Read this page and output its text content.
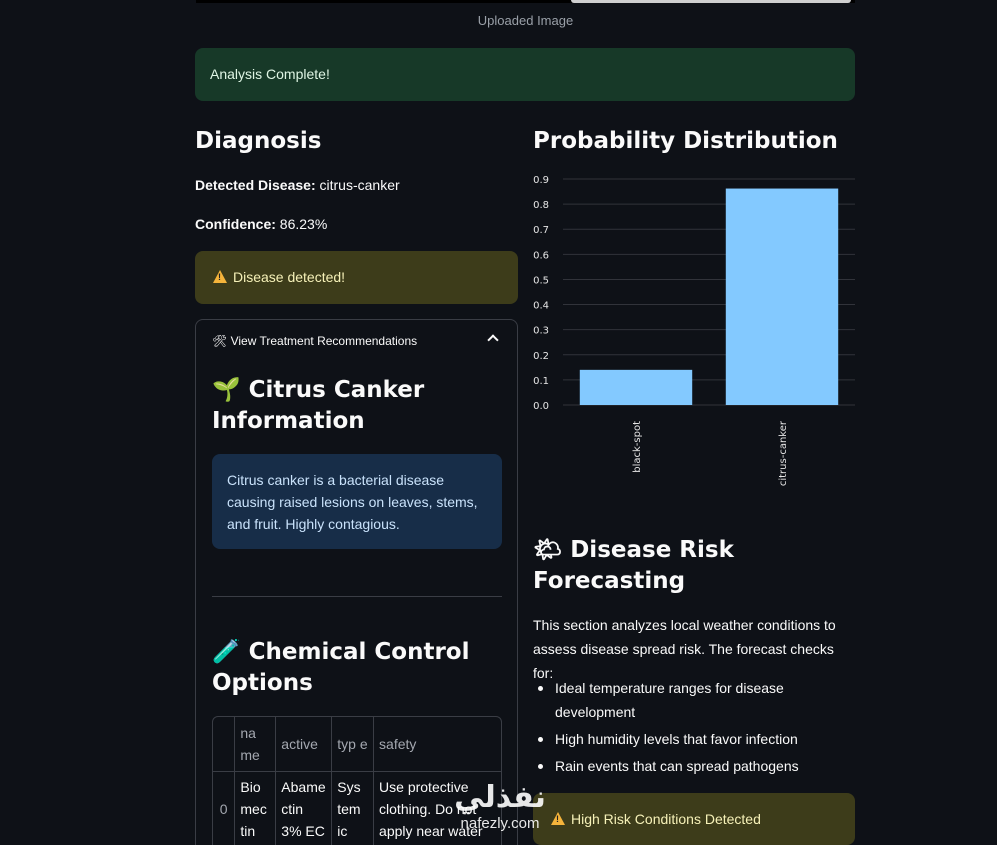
Uploaded Image
Analysis Complete!
Diagnosis
Detected Disease: citrus-canker
Confidence: 86.23%
!Disease detected!
🛠 View Treatment Recommendations
🌱 Citrus Canker Information
Citrus canker is a bacterial disease causing raised lesions on leaves, stems, and fruit. Highly contagious.
🧪 Chemical Control Options
	na me	active	typ e	safety
0	Bio mec tin	Abame ctin 3% EC	Sys tem ic	Use protective clothing. Do not apply near water
Probability Distribution
0.0
0.1
0.2
0.3
0.4
0.5
0.6
0.7
0.8
0.9
black-spot	citrus-canker
🌤 Disease Risk Forecasting
This section analyzes local weather conditions to assess disease spread risk. The forecast checks for:
Ideal temperature ranges for disease development
High humidity levels that favor infection
Rain events that can spread pathogens
!High Risk Conditions Detected
نفذلي
nafezly.com
